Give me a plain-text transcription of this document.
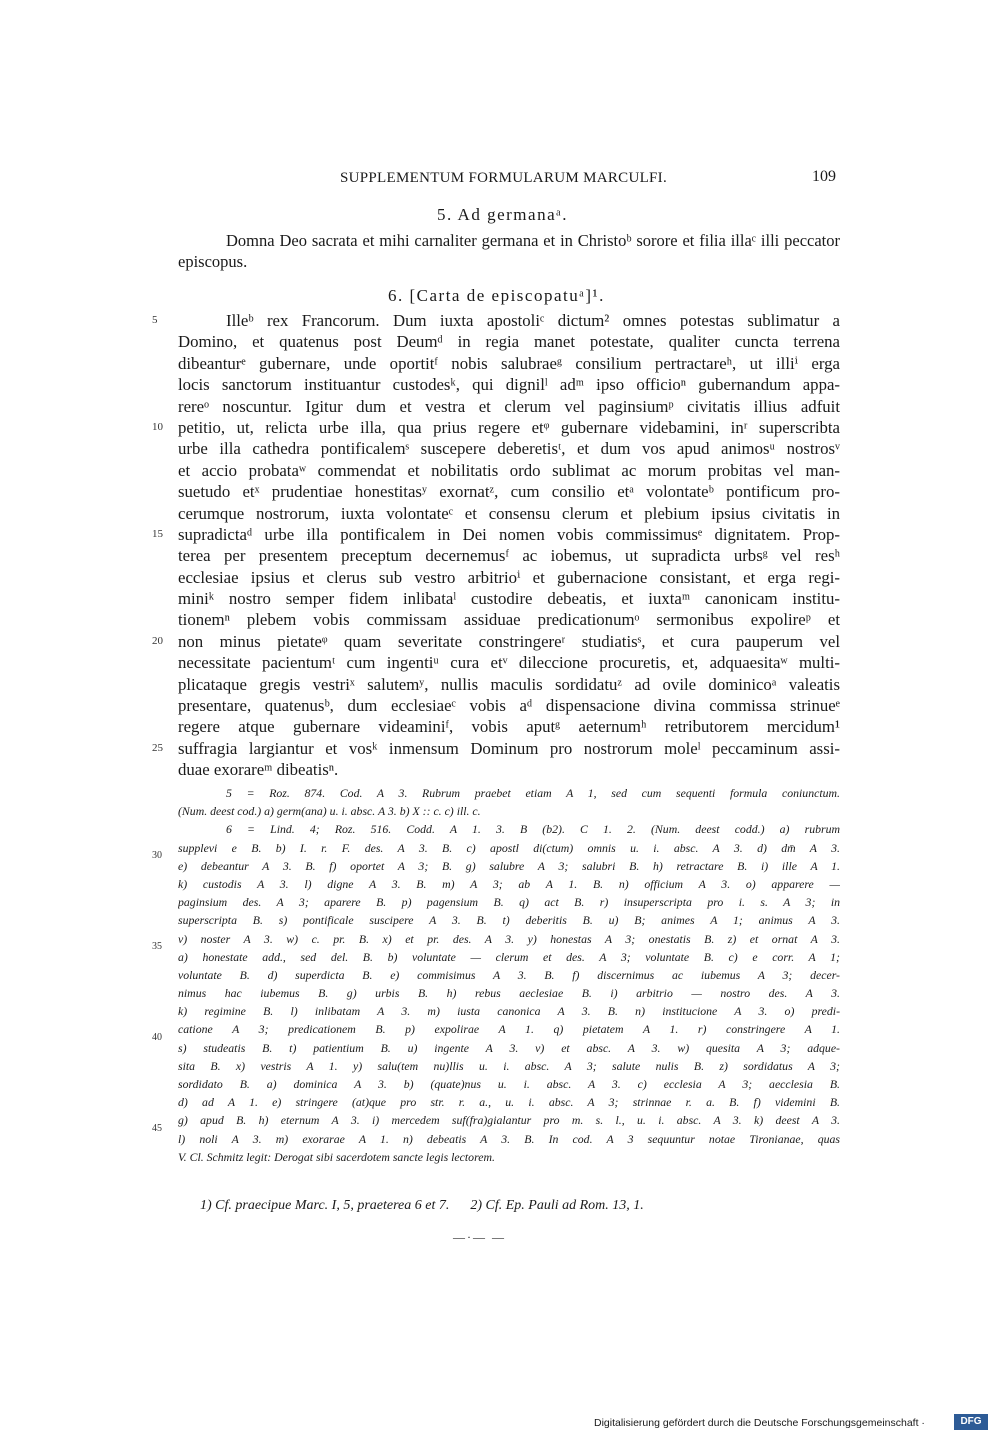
SUPPLEMENTUM FORMULARUM MARCULFI.	109
5. Ad germanaᵃ.
Domna Deo sacrata et mihi carnaliter germana et in Christoᵇ sorore et filia illaᶜ illi peccator episcopus.
6. [Carta de episcopatuᵃ]¹.
5
10
15
20
25
Illeᵇ rex Francorum. Dum iuxta apostoliᶜ dictum² omnes potestas sublimatur a
Domino, et quatenus post Deumᵈ in regia manet potestate, qualiter cuncta terrena
dibeanturᵉ gubernare, unde oportitᶠ nobis salubraeᵍ consilium pertractareʰ, ut illiⁱ erga
locis sanctorum instituantur custodesᵏ, qui dignilˡ adᵐ ipso officioⁿ gubernandum appa-
rereᵒ noscuntur. Igitur dum et vestra et clerum vel paginsiumᵖ civitatis illius adfuit
petitio, ut, relicta urbe illa, qua prius regere etᵠ gubernare videbamini, inʳ superscribta
urbe illa cathedra pontificalemˢ suscepere deberetisᵗ, et dum vos apud animosᵘ nostrosᵛ
et accio probataʷ commendat et nobilitatis ordo sublimat ac morum probitas vel man-
suetudo etˣ prudentiae honestitasʸ exornatᶻ, cum consilio etᵃ volontateᵇ pontificum pro-
cerumque nostrorum, iuxta volontateᶜ et consensu clerum et plebium ipsius civitatis in
supradictaᵈ urbe illa pontificalem in Dei nomen vobis commissimusᵉ dignitatem. Prop-
terea per presentem preceptum decernemusᶠ ac iobemus, ut supradicta urbsᵍ vel resʰ
ecclesiae ipsius et clerus sub vestro arbitrioⁱ et gubernacione consistant, et erga regi-
miniᵏ nostro semper fidem inlibataˡ custodire debeatis, et iuxtaᵐ canonicam institu-
tionemⁿ plebem vobis commissam assiduae predicationumᵒ sermonibus expolireᵖ et
non minus pietateᵠ quam severitate constringereʳ studiatisˢ, et cura pauperum vel
necessitate pacientumᵗ cum ingentiᵘ cura etᵛ dileccione procuretis, et, adquaesitaʷ multi-
plicataque gregis vestriˣ salutemʸ, nullis maculis sordidatuᶻ ad ovile dominicoᵃ valeatis
presentare, quatenusᵇ, dum ecclesiaeᶜ vobis aᵈ dispensacione divina commissa strinueᵉ
regere atque gubernare videaminiᶠ, vobis aputᵍ aeternumʰ retributorem mercidum¹
suffragia largiantur et vosᵏ inmensum Dominum pro nostrorum moleˡ peccaminum assi-
duae exorareᵐ dibeatisⁿ.
30
35
40
45
5 = Roz. 874. Cod. A 3. Rubrum praebet etiam A 1, sed cum sequenti formula coniunctum.
(Num. deest cod.) a) germ(ana) u. i. absc. A 3. b) X :: c. c) ill. c.
6 = Lind. 4; Roz. 516. Codd. A 1. 3. B (b2). C 1. 2. (Num. deest codd.) a) rubrum
supplevi e B. b) I. r. F. des. A 3. B. c) apostl di(ctum) omnis u. i. absc. A 3. d) dm̄ A 3.
e) debeantur A 3. B. f) oportet A 3; B. g) salubre A 3; salubri B. h) retractare B. i) ille A 1.
k) custodis A 3. l) digne A 3. B. m) A 3; ab A 1. B. n) officium A 3. o) apparere —
paginsium des. A 3; aparere B. p) pagensium B. q) act B. r) insuperscripta pro i. s. A 3; in
superscripta B. s) pontificale suscipere A 3. B. t) deberitis B. u) B; animes A 1; animus A 3.
v) noster A 3. w) c. pr. B. x) et pr. des. A 3. y) honestas A 3; onestatis B. z) et ornat A 3.
a) honestate add., sed del. B. b) voluntate — clerum et des. A 3; voluntate B. c) e corr. A 1;
voluntate B. d) superdicta B. e) commisimus A 3. B. f) discernimus ac iubemus A 3; decer-
nimus hac iubemus B. g) urbis B. h) rebus aeclesiae B. i) arbitrio — nostro des. A 3.
k) regimine B. l) inlibatam A 3. m) iusta canonica A 3. B. n) institucione A 3. o) predi-
catione A 3; predicationem B. p) expolirae A 1. q) pietatem A 1. r) constringere A 1.
s) studeatis B. t) patientium B. u) ingente A 3. v) et absc. A 3. w) quesita A 3; adque-
sita B. x) vestris A 1. y) salu(tem nu)llis u. i. absc. A 3; salute nulis B. z) sordidatus A 3;
sordidato B. a) dominica A 3. b) (quate)nus u. i. absc. A 3. c) ecclesia A 3; aecclesia B.
d) ad A 1. e) stringere (at)que pro str. r. a., u. i. absc. A 3; strinnae r. a. B. f) videmini B.
g) apud B. h) eternum A 3. i) mercedem suf(fra)gialantur pro m. s. l., u. i. absc. A 3. k) deest A 3.
l) noli A 3. m) exorarae A 1. n) debeatis A 3. B. In cod. A 3 sequuntur notae Tironianae, quas
V. Cl. Schmitz legit: Derogat sibi sacerdotem sancte legis lectorem.
1) Cf. praecipue Marc. I, 5, praeterea 6 et 7.      2) Cf. Ep. Pauli ad Rom. 13, 1.
—·— —
Digitalisierung gefördert durch die Deutsche Forschungsgemeinschaft ·	DFG
